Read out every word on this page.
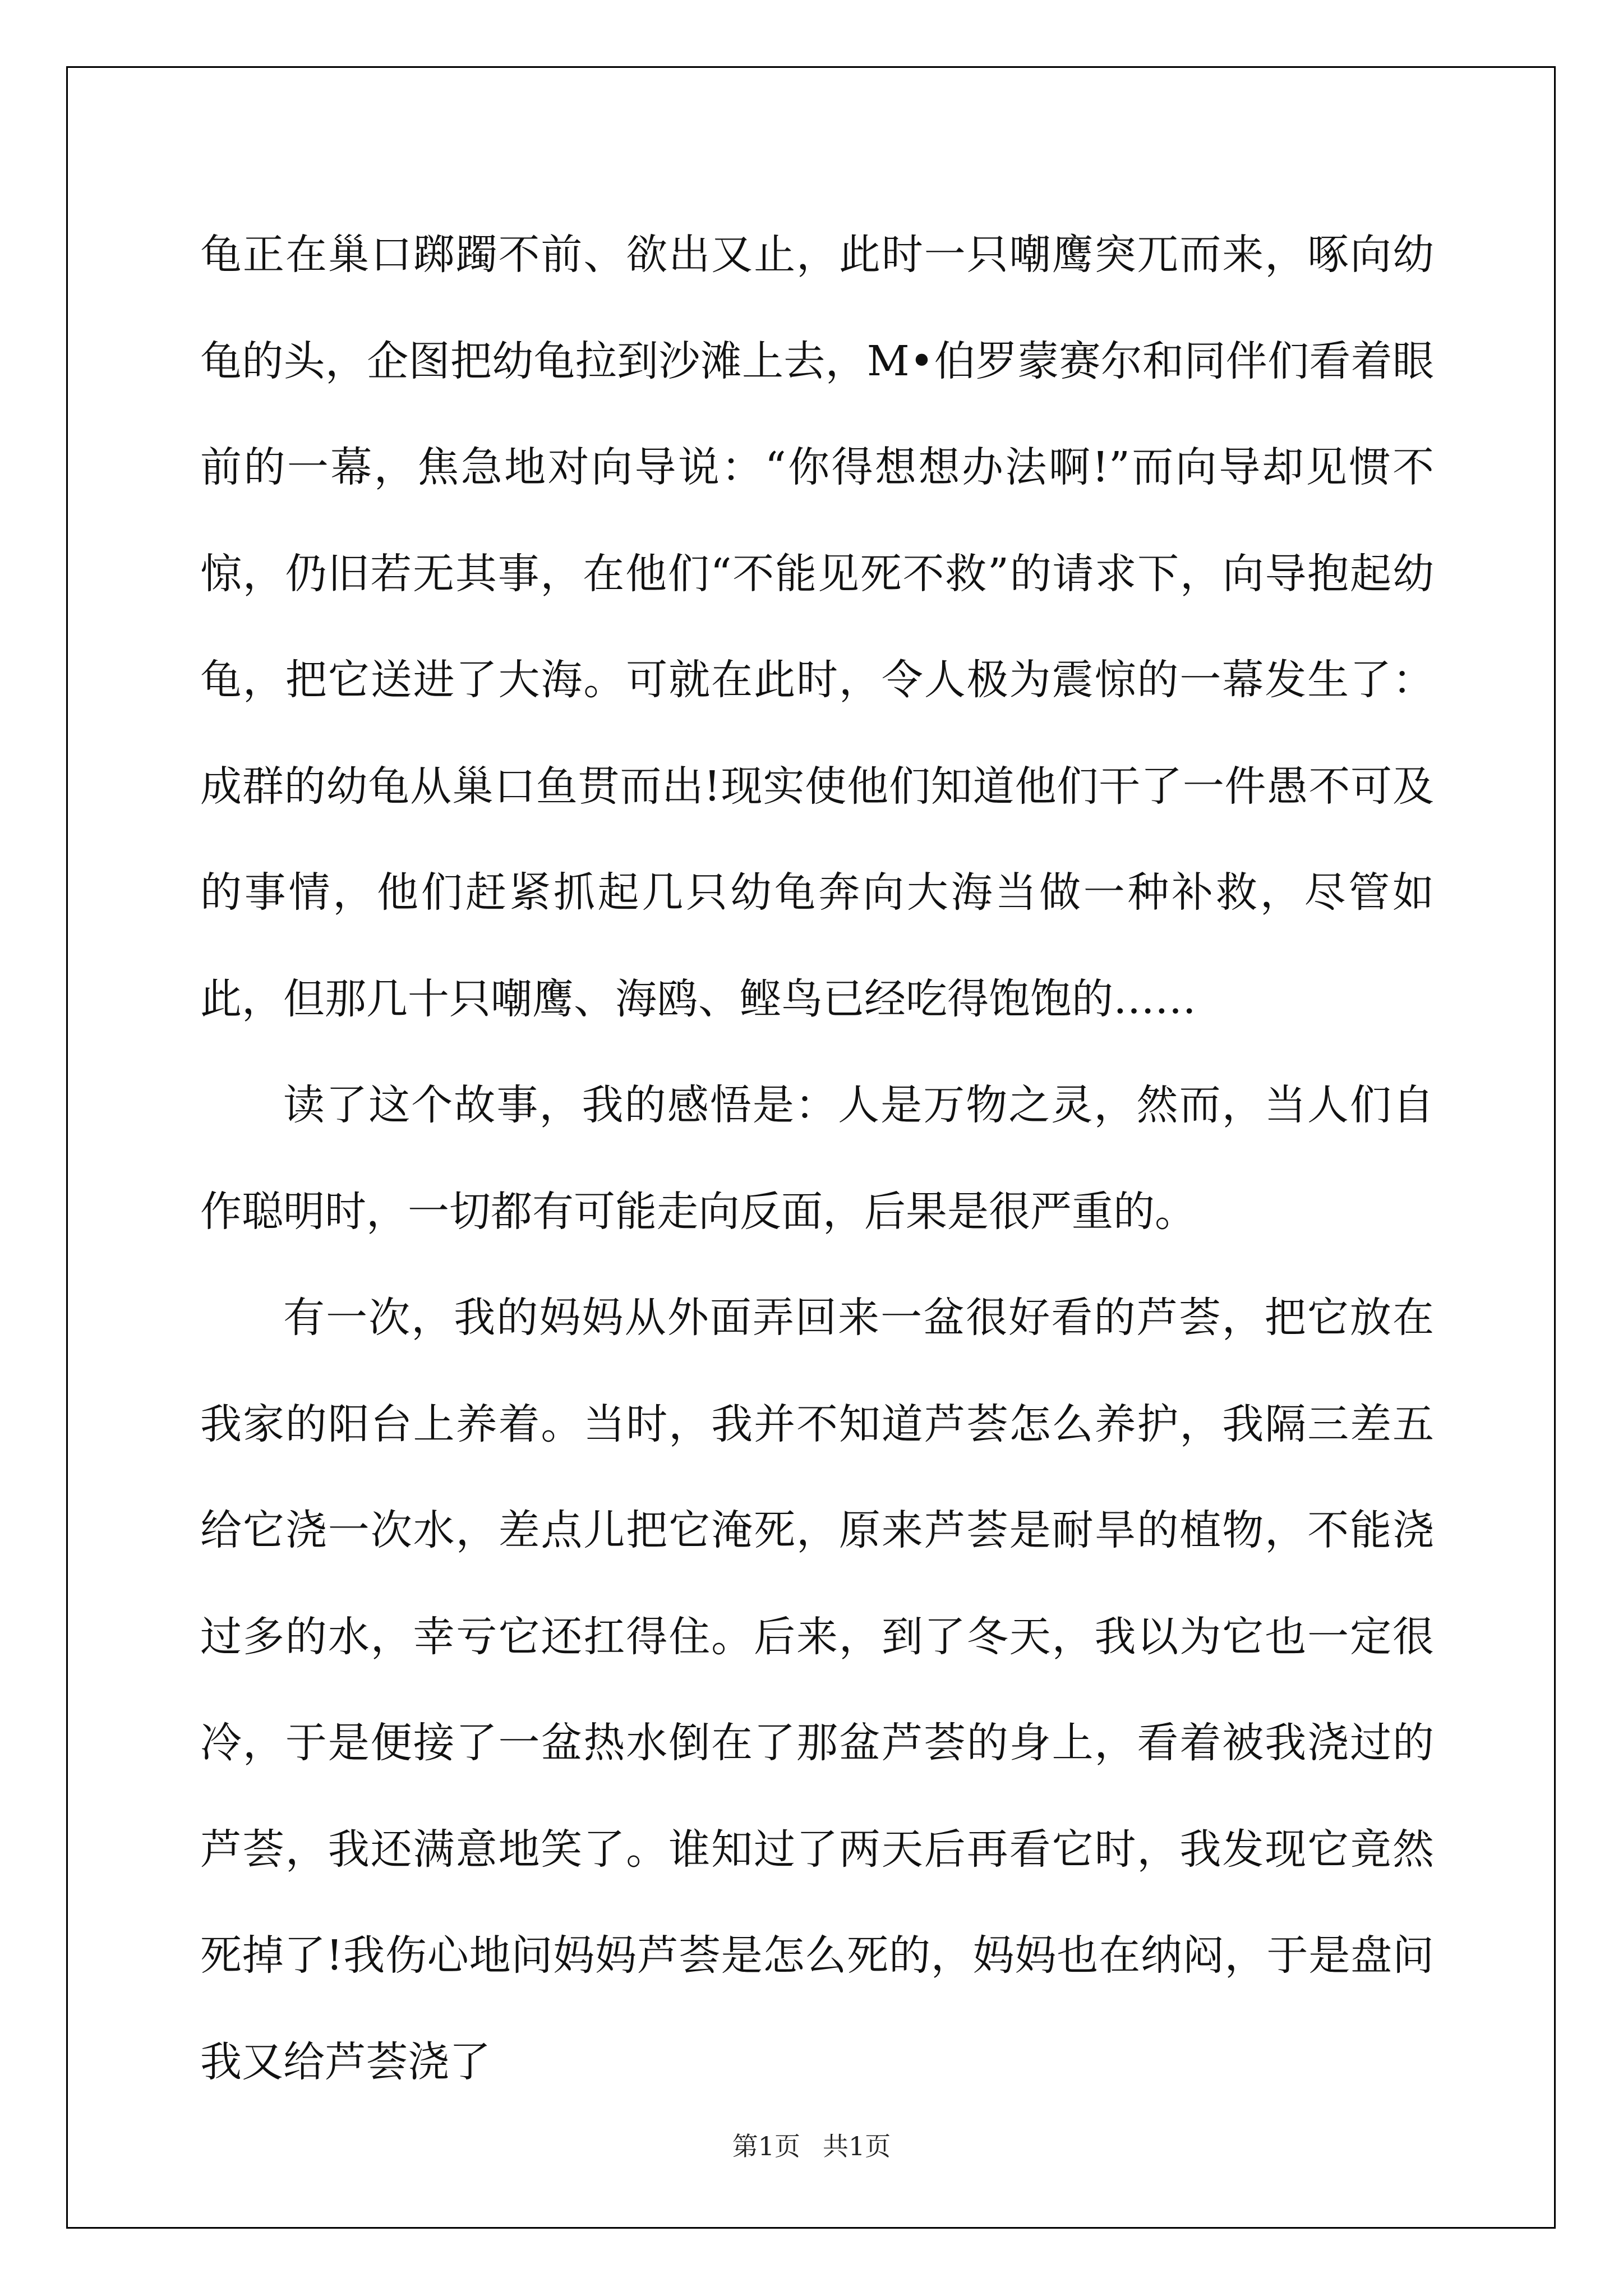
龟正在巢口踯躅不前、欲出又止，此时一只嘲鹰突兀而来，啄向幼龟的头，企图把幼龟拉到沙滩上去，M•伯罗蒙赛尔和同伴们看着眼前的一幕，焦急地对向导说：“你得想想办法啊!”而向导却见惯不惊，仍旧若无其事，在他们“不能见死不救”的请求下，向导抱起幼龟，把它送进了大海。可就在此时，令人极为震惊的一幕发生了：成群的幼龟从巢口鱼贯而出!现实使他们知道他们干了一件愚不可及的事情，他们赶紧抓起几只幼龟奔向大海当做一种补救，尽管如此，但那几十只嘲鹰、海鸥、鲣鸟已经吃得饱饱的……

读了这个故事，我的感悟是：人是万物之灵，然而，当人们自作聪明时，一切都有可能走向反面，后果是很严重的。

有一次，我的妈妈从外面弄回来一盆很好看的芦荟，把它放在我家的阳台上养着。当时，我并不知道芦荟怎么养护，我隔三差五给它浇一次水，差点儿把它淹死，原来芦荟是耐旱的植物，不能浇过多的水，幸亏它还扛得住。后来，到了冬天，我以为它也一定很冷，于是便接了一盆热水倒在了那盆芦荟的身上，看着被我浇过的芦荟，我还满意地笑了。谁知过了两天后再看它时，我发现它竟然死掉了!我伤心地问妈妈芦荟是怎么死的，妈妈也在纳闷，于是盘问我又给芦荟浇了

第1页 共1页
